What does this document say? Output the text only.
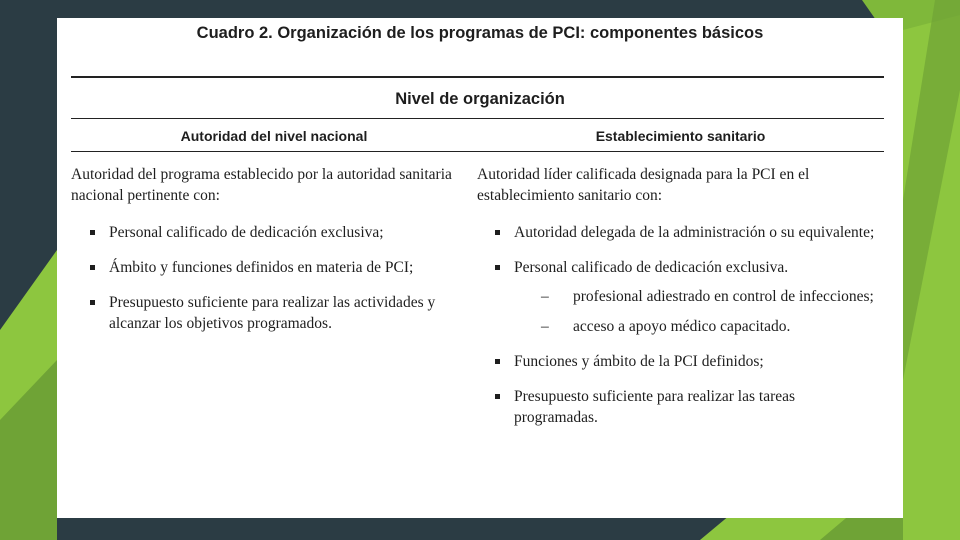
Cuadro 2. Organización de los programas de PCI: componentes básicos
Nivel de organización
Autoridad del nivel nacional	Establecimiento sanitario

Autoridad del programa establecido por la autoridad sanitaria nacional pertinente con:

Personal calificado de dedicación exclusiva;
Ámbito y funciones definidos en materia de PCI;
Presupuesto suficiente para realizar las actividades y alcanzar los objetivos programados.

Autoridad líder calificada designada para la PCI en el establecimiento sanitario con:

Autoridad delegada de la administración o su equivalente;
Personal calificado de dedicación exclusiva.
– profesional adiestrado en control de infecciones;
– acceso a apoyo médico capacitado.
Funciones y ámbito de la PCI definidos;
Presupuesto suficiente para realizar las tareas programadas.
